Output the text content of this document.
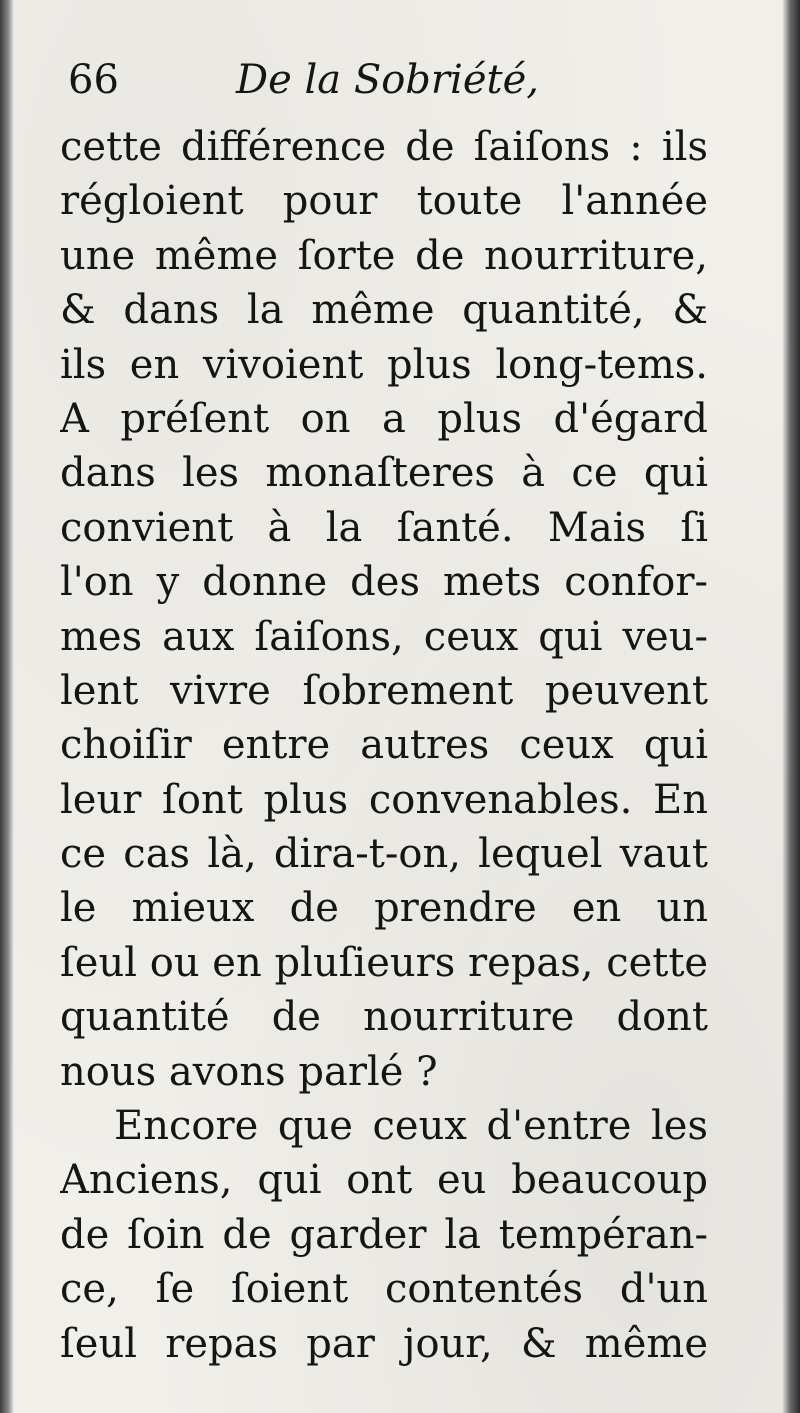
66	De la Sobriété,
cette différence de ſaiſons : ils
régloient pour toute l'année
une même ſorte de nourriture,
& dans la même quantité, &
ils en vivoient plus long-tems.
A préſent on a plus d'égard
dans les monaſteres à ce qui
convient à la ſanté. Mais ſi
l'on y donne des mets confor-
mes aux ſaiſons, ceux qui veu-
lent vivre ſobrement peuvent
choiſir entre autres ceux qui
leur ſont plus convenables. En
ce cas là, dira-t-on, lequel vaut
le mieux de prendre en un
ſeul ou en pluſieurs repas, cette
quantité de nourriture dont
nous avons parlé ?
Encore que ceux d'entre les
Anciens, qui ont eu beaucoup
de ſoin de garder la tempéran-
ce, ſe ſoient contentés d'un
ſeul repas par jour, & même
